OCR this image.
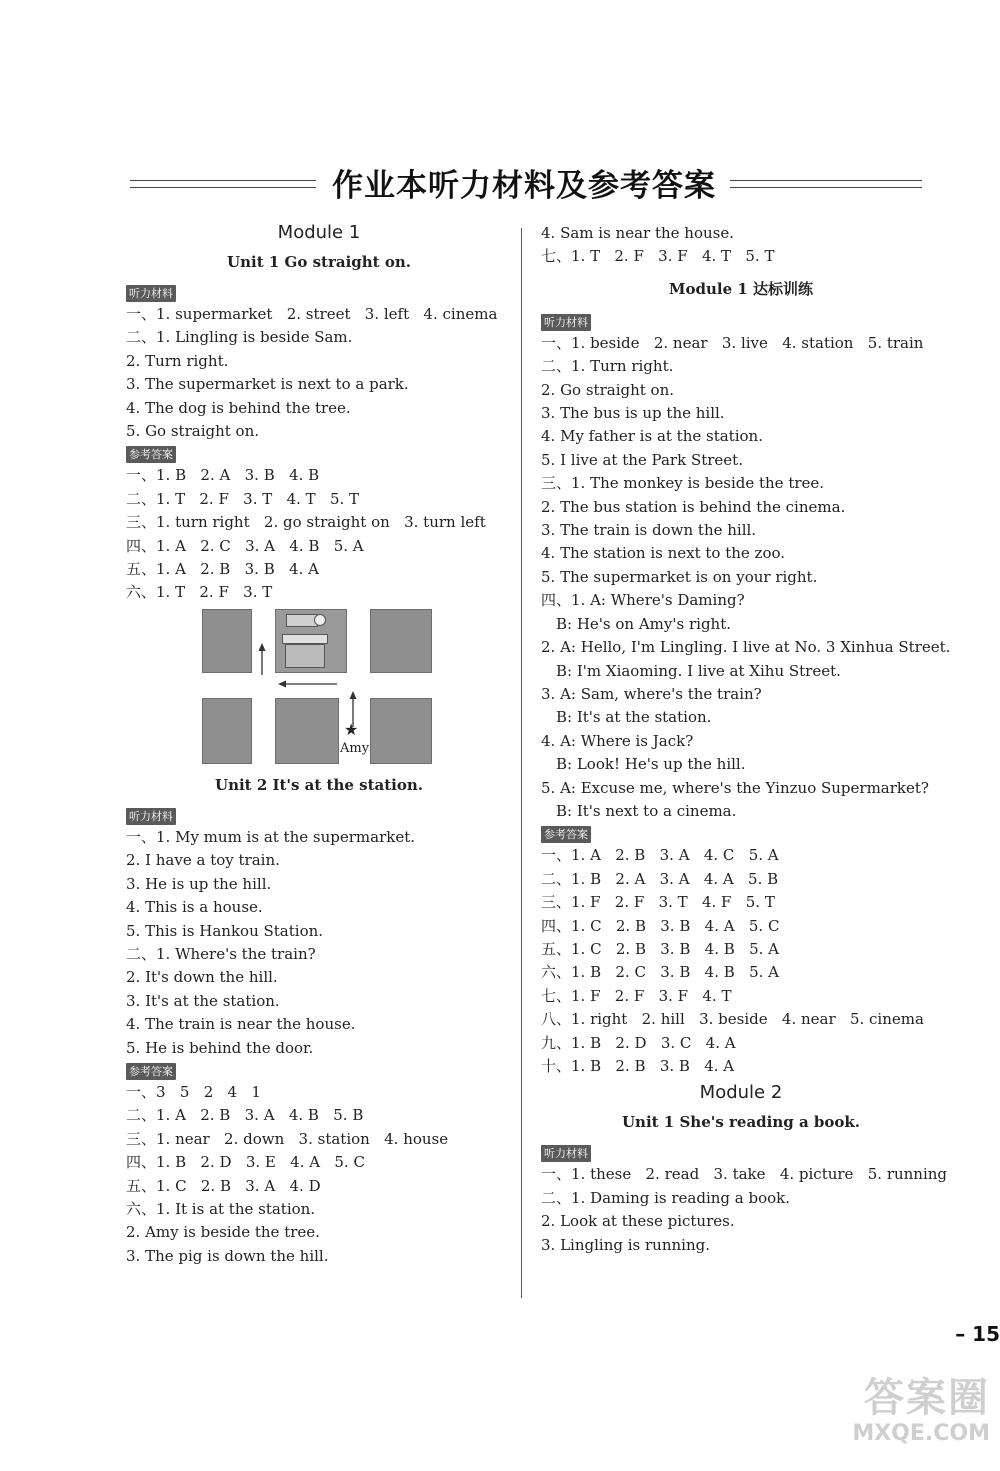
作业本听力材料及参考答案
Module 1
Unit 1 Go straight on.
听力材料
一、1. supermarket   2. street   3. left   4. cinema
二、1. Lingling is beside Sam.
2. Turn right.
3. The supermarket is next to a park.
4. The dog is behind the tree.
5. Go straight on.
参考答案
一、1. B   2. A   3. B   4. B
二、1. T   2. F   3. T   4. T   5. T
三、1. turn right   2. go straight on   3. turn left
四、1. A   2. C   3. A   4. B   5. A
五、1. A   2. B   3. B   4. A
六、1. T   2. F   3. T
★
Amy
Unit 2 It's at the station.
听力材料
一、1. My mum is at the supermarket.
2. I have a toy train.
3. He is up the hill.
4. This is a house.
5. This is Hankou Station.
二、1. Where's the train?
2. It's down the hill.
3. It's at the station.
4. The train is near the house.
5. He is behind the door.
参考答案
一、3   5   2   4   1
二、1. A   2. B   3. A   4. B   5. B
三、1. near   2. down   3. station   4. house
四、1. B   2. D   3. E   4. A   5. C
五、1. C   2. B   3. A   4. D
六、1. It is at the station.
2. Amy is beside the tree.
3. The pig is down the hill.
4. Sam is near the house.
七、1. T   2. F   3. F   4. T   5. T
Module 1 达标训练
听力材料
一、1. beside   2. near   3. live   4. station   5. train
二、1. Turn right.
2. Go straight on.
3. The bus is up the hill.
4. My father is at the station.
5. I live at the Park Street.
三、1. The monkey is beside the tree.
2. The bus station is behind the cinema.
3. The train is down the hill.
4. The station is next to the zoo.
5. The supermarket is on your right.
四、1. A: Where's Daming?
B: He's on Amy's right.
2. A: Hello, I'm Lingling. I live at No. 3 Xinhua Street.
B: I'm Xiaoming. I live at Xihu Street.
3. A: Sam, where's the train?
B: It's at the station.
4. A: Where is Jack?
B: Look! He's up the hill.
5. A: Excuse me, where's the Yinzuo Supermarket?
B: It's next to a cinema.
参考答案
一、1. A   2. B   3. A   4. C   5. A
二、1. B   2. A   3. A   4. A   5. B
三、1. F   2. F   3. T   4. F   5. T
四、1. C   2. B   3. B   4. A   5. C
五、1. C   2. B   3. B   4. B   5. A
六、1. B   2. C   3. B   4. B   5. A
七、1. F   2. F   3. F   4. T
八、1. right   2. hill   3. beside   4. near   5. cinema
九、1. B   2. D   3. C   4. A
十、1. B   2. B   3. B   4. A
Module 2
Unit 1 She's reading a book.
听力材料
一、1. these   2. read   3. take   4. picture   5. running
二、1. Daming is reading a book.
2. Look at these pictures.
3. Lingling is running.
– 15
答案圈
MXQE.COM
